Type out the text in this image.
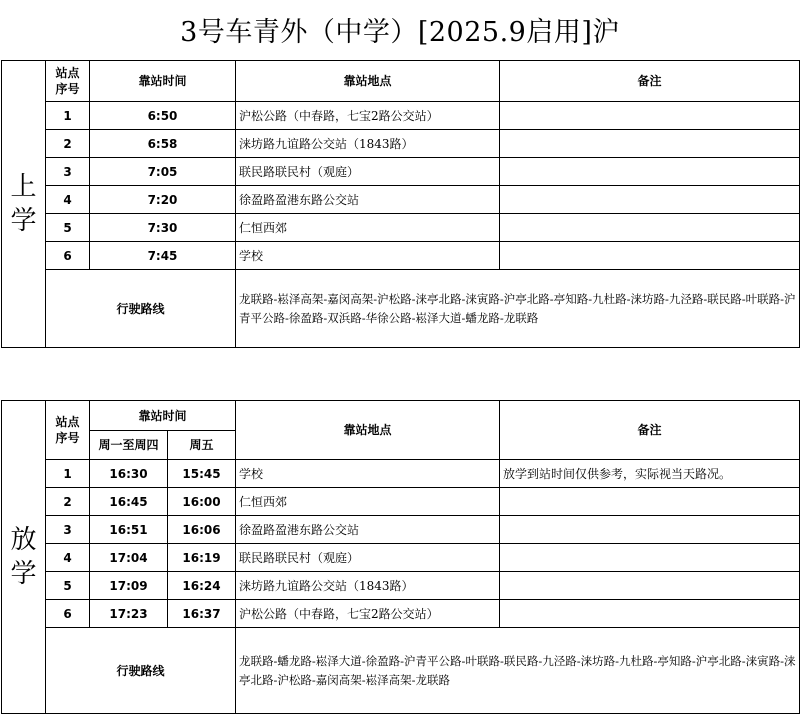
3号车青外（中学）[2025.9启用]沪
上学	站点序号	靠站时间	靠站地点	备注
	1	6:50	沪松公路（中春路，七宝2路公交站）	
	2	6:58	涞坊路九谊路公交站（1843路）	
	3	7:05	联民路联民村（观庭）	
	4	7:20	徐盈路盈港东路公交站	
	5	7:30	仁恒西郊	
	6	7:45	学校	
	行驶路线		龙联路-崧泽高架-嘉闵高架-沪松路-涞亭北路-涞寅路-沪亭北路-亭知路-九杜路-涞坊路-九泾路-联民路-叶联路-沪青平公路-徐盈路-双浜路-华徐公路-崧泽大道-蟠龙路-龙联路	
放学	站点序号	靠站时间		靠站地点	备注
		周一至周四	周五		
	1	16:30	15:45	学校	放学到站时间仅供参考，实际视当天路况。
	2	16:45	16:00	仁恒西郊	
	3	16:51	16:06	徐盈路盈港东路公交站	
	4	17:04	16:19	联民路联民村（观庭）	
	5	17:09	16:24	涞坊路九谊路公交站（1843路）	
	6	17:23	16:37	沪松公路（中春路，七宝2路公交站）	
	行驶路线			龙联路-蟠龙路-崧泽大道-徐盈路-沪青平公路-叶联路-联民路-九泾路-涞坊路-九杜路-亭知路-沪亭北路-涞寅路-涞亭北路-沪松路-嘉闵高架-崧泽高架-龙联路	
